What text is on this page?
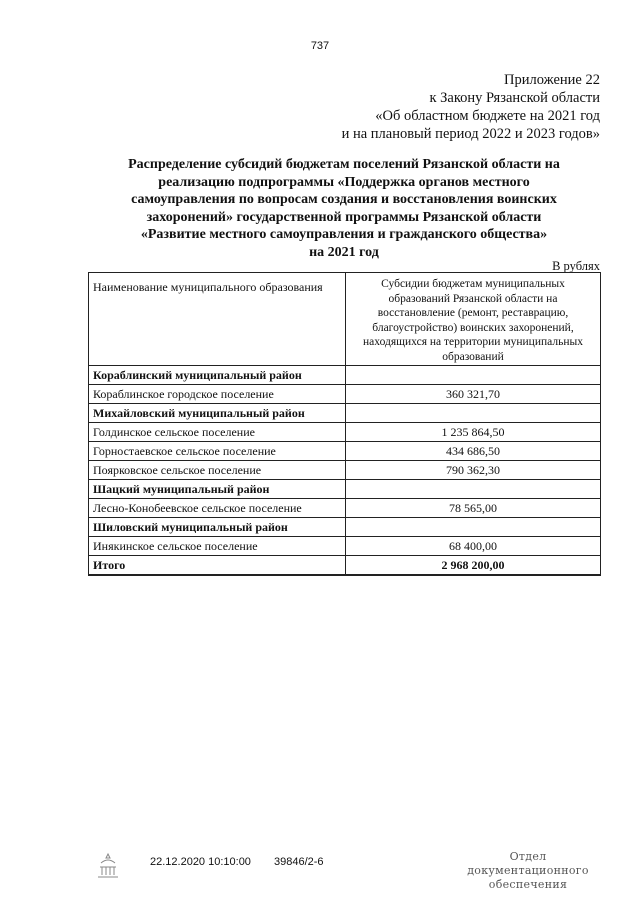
737
Приложение 22
к Закону Рязанской области
«Об областном бюджете на 2021 год
и на плановый период 2022 и 2023 годов»
Распределение субсидий бюджетам поселений Рязанской области на
реализацию подпрограммы «Поддержка органов местного
самоуправления по вопросам создания и восстановления воинских
захоронений» государственной программы Рязанской области
«Развитие местного самоуправления и гражданского общества»
на 2021 год
В рублях
Наименование муниципального образования	Субсидии бюджетам муниципальных образований Рязанской области на восстановление (ремонт, реставрацию, благоустройство) воинских захоронений, находящихся на территории муниципальных образований
Кораблинский муниципальный район	
Кораблинское городское поселение	360 321,70
Михайловский муниципальный район	
Голдинское сельское поселение	1 235 864,50
Горностаевское сельское поселение	434 686,50
Поярковское сельское поселение	790 362,30
Шацкий муниципальный район	
Лесно-Конобеевское сельское поселение	78 565,00
Шиловский муниципальный район	
Инякинское сельское поселение	68 400,00
Итого	2 968 200,00
22.12.2020 10:10:00 39846/2-6	Отдел документационного
обеспечения
